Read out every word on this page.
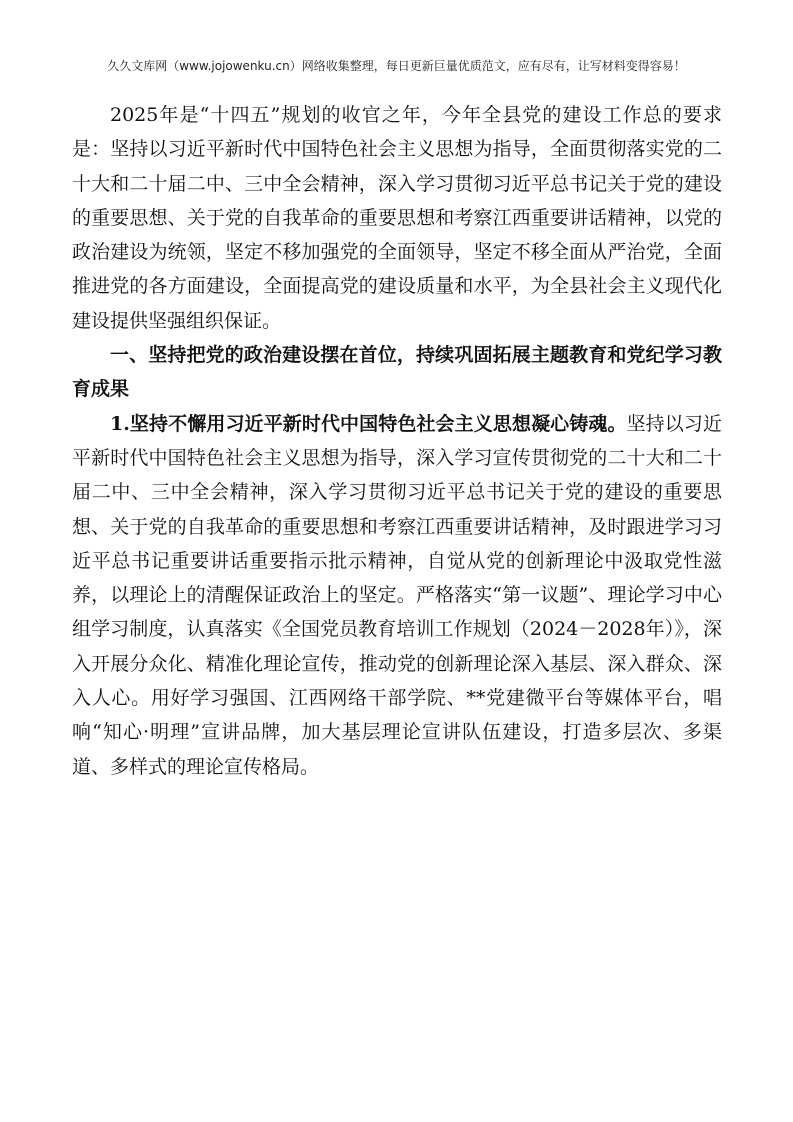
久久文库网（www.jojowenku.cn）网络收集整理，每日更新巨量优质范文，应有尽有，让写材料变得容易！

2025年是“十四五”规划的收官之年，今年全县党的建设工作总的要求是：坚持以习近平新时代中国特色社会主义思想为指导，全面贯彻落实党的二十大和二十届二中、三中全会精神，深入学习贯彻习近平总书记关于党的建设的重要思想、关于党的自我革命的重要思想和考察江西重要讲话精神，以党的政治建设为统领，坚定不移加强党的全面领导，坚定不移全面从严治党，全面推进党的各方面建设，全面提高党的建设质量和水平，为全县社会主义现代化建设提供坚强组织保证。

一、坚持把党的政治建设摆在首位，持续巩固拓展主题教育和党纪学习教育成果

1.坚持不懈用习近平新时代中国特色社会主义思想凝心铸魂。坚持以习近平新时代中国特色社会主义思想为指导，深入学习宣传贯彻党的二十大和二十届二中、三中全会精神，深入学习贯彻习近平总书记关于党的建设的重要思想、关于党的自我革命的重要思想和考察江西重要讲话精神，及时跟进学习习近平总书记重要讲话重要指示批示精神，自觉从党的创新理论中汲取党性滋养，以理论上的清醒保证政治上的坚定。严格落实“第一议题”、理论学习中心组学习制度，认真落实《全国党员教育培训工作规划（2024－2028年）》，深入开展分众化、精准化理论宣传，推动党的创新理论深入基层、深入群众、深入人心。用好学习强国、江西网络干部学院、**党建微平台等媒体平台，唱响“知心·明理”宣讲品牌，加大基层理论宣讲队伍建设，打造多层次、多渠道、多样式的理论宣传格局。
